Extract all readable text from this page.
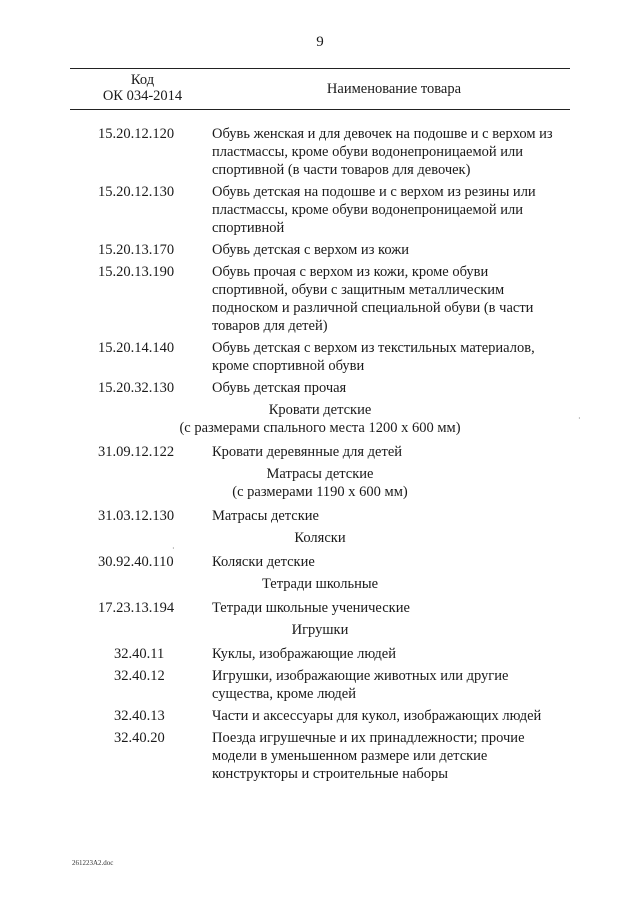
9
Код
ОК 034-2014	Наименование товара
15.20.12.120	Обувь женская и для девочек на подошве и с верхом из пластмассы, кроме обуви водонепроницаемой или спортивной (в части товаров для девочек)
15.20.12.130	Обувь детская на подошве и с верхом из резины или пластмассы, кроме обуви водонепроницаемой или спортивной
15.20.13.170	Обувь детская с верхом из кожи
15.20.13.190	Обувь прочая с верхом из кожи, кроме обуви спортивной, обуви с защитным металлическим подноском и различной специальной обуви (в части товаров для детей)
15.20.14.140	Обувь детская с верхом из текстильных материалов, кроме спортивной обуви
15.20.32.130	Обувь детская прочая
Кровати детские
(с размерами спального места 1200 х 600 мм)
31.09.12.122	Кровати деревянные для детей
Матрасы детские
(с размерами 1190 х 600 мм)
31.03.12.130	Матрасы детские
Коляски
30.92.40.110	Коляски детские
Тетради школьные
17.23.13.194	Тетради школьные ученические
Игрушки
32.40.11	Куклы, изображающие людей
32.40.12	Игрушки, изображающие животных или другие существа, кроме людей
32.40.13	Части и аксессуары для кукол, изображающих людей
32.40.20	Поезда игрушечные и их принадлежности; прочие модели в уменьшенном размере или детские конструкторы и строительные наборы
·
·
261223A2.doc
